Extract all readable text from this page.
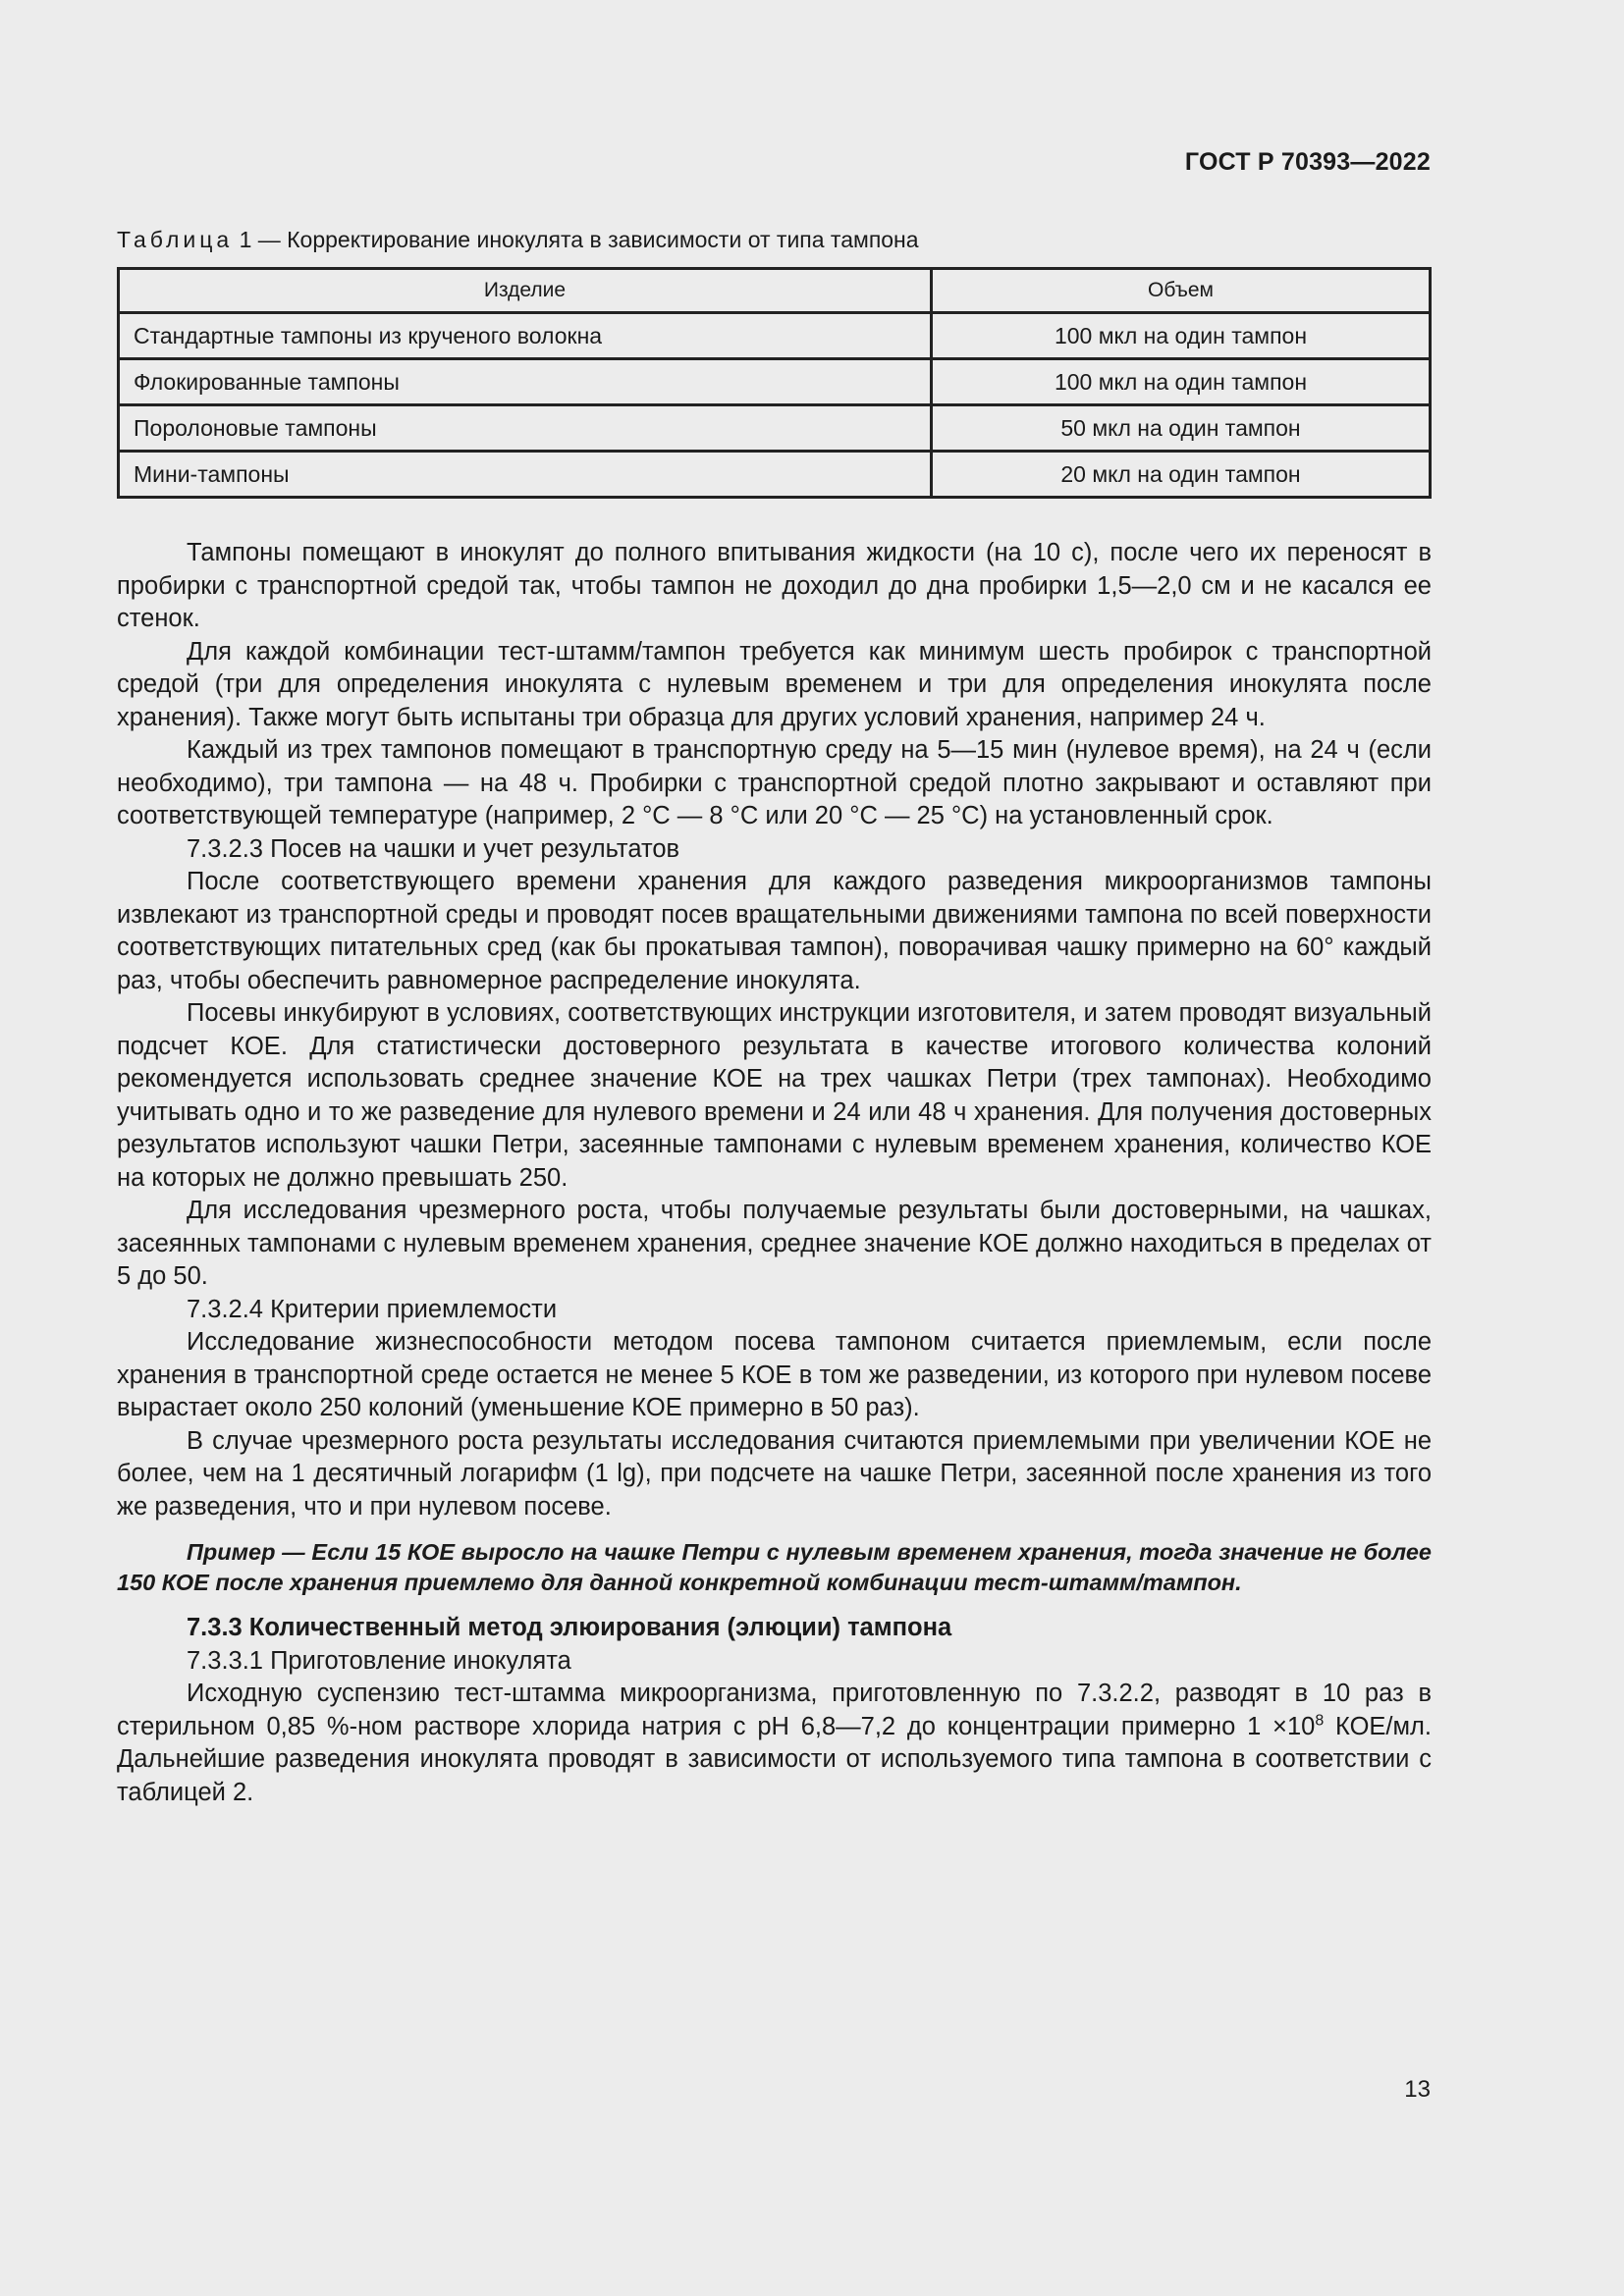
ГОСТ Р 70393—2022
Таблица 1 — Корректирование инокулята в зависимости от типа тампона
Изделие	Объем
Стандартные тампоны из крученого волокна	100 мкл на один тампон
Флокированные тампоны	100 мкл на один тампон
Поролоновые тампоны	50 мкл на один тампон
Мини-тампоны	20 мкл на один тампон

Тампоны помещают в инокулят до полного впитывания жидкости (на 10 с), после чего их переносят в пробирки с транспортной средой так, чтобы тампон не доходил до дна пробирки 1,5—2,0 см и не касался ее стенок.

Для каждой комбинации тест-штамм/тампон требуется как минимум шесть пробирок с транспортной средой (три для определения инокулята с нулевым временем и три для определения инокулята после хранения). Также могут быть испытаны три образца для других условий хранения, например 24 ч.

Каждый из трех тампонов помещают в транспортную среду на 5—15 мин (нулевое время), на 24 ч (если необходимо), три тампона — на 48 ч. Пробирки с транспортной средой плотно закрывают и оставляют при соответствующей температуре (например, 2 °С — 8 °С или 20 °С — 25 °С) на установленный срок.

7.3.2.3 Посев на чашки и учет результатов

После соответствующего времени хранения для каждого разведения микроорганизмов тампоны извлекают из транспортной среды и проводят посев вращательными движениями тампона по всей поверхности соответствующих питательных сред (как бы прокатывая тампон), поворачивая чашку примерно на 60° каждый раз, чтобы обеспечить равномерное распределение инокулята.

Посевы инкубируют в условиях, соответствующих инструкции изготовителя, и затем проводят визуальный подсчет КОЕ. Для статистически достоверного результата в качестве итогового количества колоний рекомендуется использовать среднее значение КОЕ на трех чашках Петри (трех тампонах). Необходимо учитывать одно и то же разведение для нулевого времени и 24 или 48 ч хранения. Для получения достоверных результатов используют чашки Петри, засеянные тампонами с нулевым временем хранения, количество КОЕ на которых не должно превышать 250.

Для исследования чрезмерного роста, чтобы получаемые результаты были достоверными, на чашках, засеянных тампонами с нулевым временем хранения, среднее значение КОЕ должно находиться в пределах от 5 до 50.

7.3.2.4 Критерии приемлемости

Исследование жизнеспособности методом посева тампоном считается приемлемым, если после хранения в транспортной среде остается не менее 5 КОЕ в том же разведении, из которого при нулевом посеве вырастает около 250 колоний (уменьшение КОЕ примерно в 50 раз).

В случае чрезмерного роста результаты исследования считаются приемлемыми при увеличении КОЕ не более, чем на 1 десятичный логарифм (1 lg), при подсчете на чашке Петри, засеянной после хранения из того же разведения, что и при нулевом посеве.

Пример — Если 15 КОЕ выросло на чашке Петри с нулевым временем хранения, тогда значение не более 150 КОЕ после хранения приемлемо для данной конкретной комбинации тест-штамм/тампон.

7.3.3 Количественный метод элюирования (элюции) тампона

7.3.3.1 Приготовление инокулята

Исходную суспензию тест-штамма микроорганизма, приготовленную по 7.3.2.2, разводят в 10 раз в стерильном 0,85 %-ном растворе хлорида натрия с рН 6,8—7,2 до концентрации примерно $1 \times 10^8$ КОЕ/мл. Дальнейшие разведения инокулята проводят в зависимости от используемого типа тампона в соответствии с таблицей 2.

13
